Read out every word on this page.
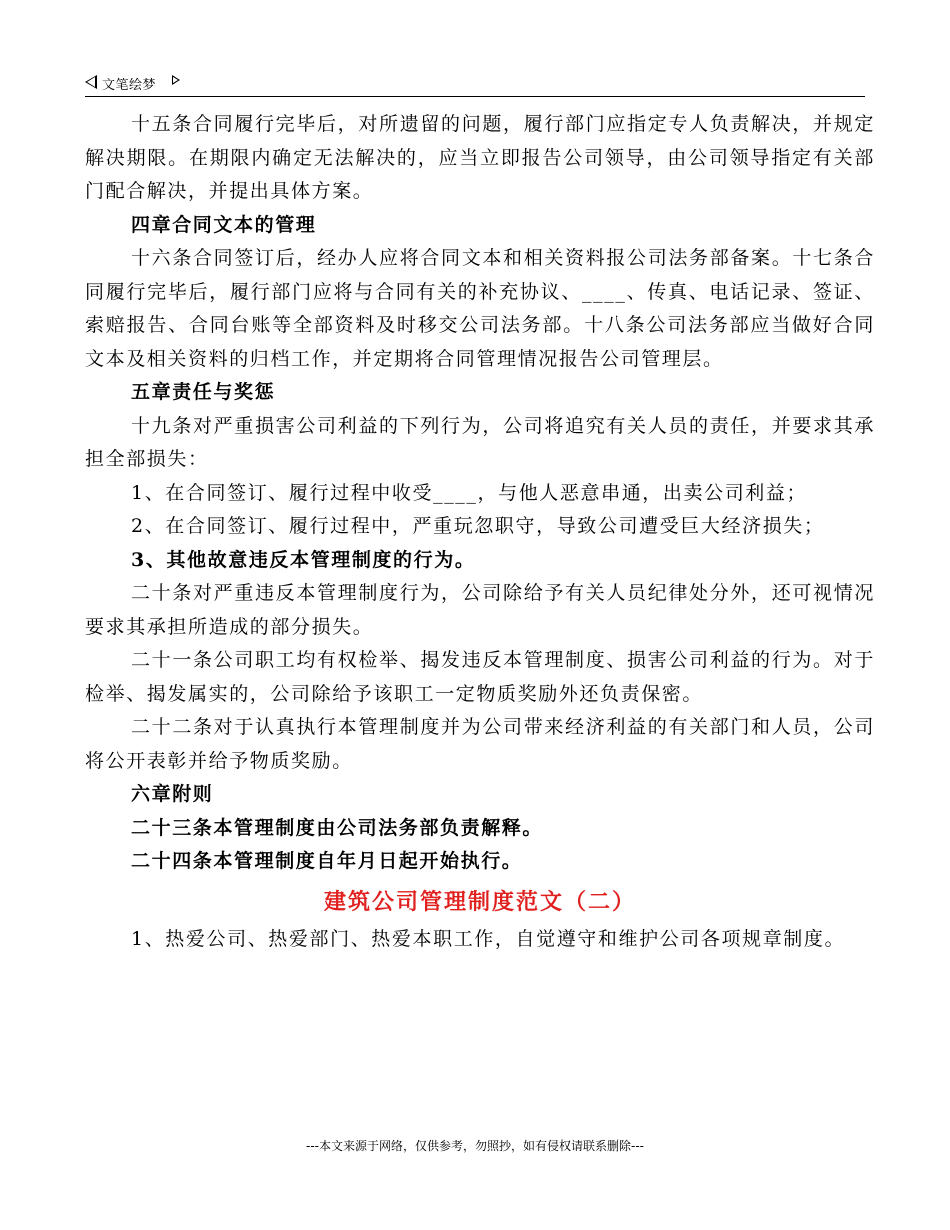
文笔绘梦

十五条合同履行完毕后，对所遗留的问题，履行部门应指定专人负责解决，并规定解决期限。在期限内确定无法解决的，应当立即报告公司领导，由公司领导指定有关部门配合解决，并提出具体方案。

四章合同文本的管理

十六条合同签订后，经办人应将合同文本和相关资料报公司法务部备案。十七条合同履行完毕后，履行部门应将与合同有关的补充协议、____、传真、电话记录、签证、索赔报告、合同台账等全部资料及时移交公司法务部。十八条公司法务部应当做好合同文本及相关资料的归档工作，并定期将合同管理情况报告公司管理层。

五章责任与奖惩

十九条对严重损害公司利益的下列行为，公司将追究有关人员的责任，并要求其承担全部损失：

1、在合同签订、履行过程中收受____，与他人恶意串通，出卖公司利益；

2、在合同签订、履行过程中，严重玩忽职守，导致公司遭受巨大经济损失；

3、其他故意违反本管理制度的行为。

二十条对严重违反本管理制度行为，公司除给予有关人员纪律处分外，还可视情况要求其承担所造成的部分损失。

二十一条公司职工均有权检举、揭发违反本管理制度、损害公司利益的行为。对于检举、揭发属实的，公司除给予该职工一定物质奖励外还负责保密。

二十二条对于认真执行本管理制度并为公司带来经济利益的有关部门和人员，公司将公开表彰并给予物质奖励。

六章附则

二十三条本管理制度由公司法务部负责解释。

二十四条本管理制度自年月日起开始执行。

建筑公司管理制度范文（二）

1、热爱公司、热爱部门、热爱本职工作，自觉遵守和维护公司各项规章制度。

---本文来源于网络，仅供参考，勿照抄，如有侵权请联系删除---
